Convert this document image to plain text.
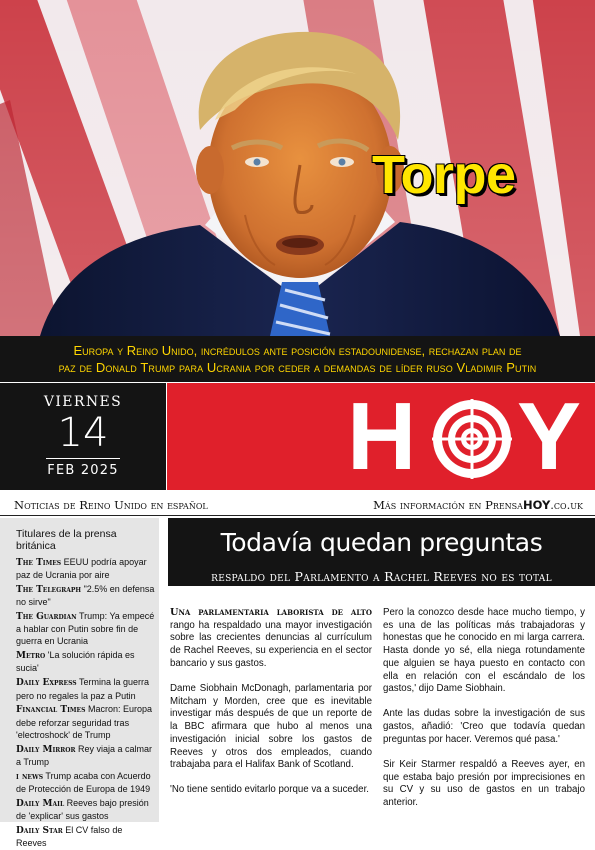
Torpe
Europa y Reino Unido, incrédulos ante posición estadounidense, rechazan plan de
paz de Donald Trump para Ucrania por ceder a demandas de líder ruso Vladimir Putin
VIERNES
14
FEB 2025	H Y
Noticias de Reino Unido en español	Más información en PrensaHOY.co.uk
Titulares de la prensa británica
The Times EEUU podría apoyar paz de Ucrania por aire
The Telegraph "2.5% en defensa no sirve"
The Guardian Trump: Ya empecé a hablar con Putin sobre fin de guerra en Ucrania
Metro 'La solución rápida es sucia'
Daily Express Termina la guerra pero no regales la paz a Putin
Financial Times Macron: Europa debe reforzar seguridad tras 'electroshock' de Trump
Daily Mirror Rey viaja a calmar a Trump
i news Trump acaba con Acuerdo de Protección de Europa de 1949
Daily Mail Reeves bajo presión de 'explicar' sus gastos
Daily Star El CV falso de Reeves
Todavía quedan preguntas
respaldo del Parlamento a Rachel Reeves no es total

Una parlamentaria laborista de alto rango ha respaldado una mayor investigación sobre las crecientes denuncias al currículum de Rachel Reeves, su experiencia en el sector bancario y sus gastos.

Dame Siobhain McDonagh, parlamentaria por Mitcham y Morden, cree que es inevitable investigar más después de que un reporte de la BBC afirmara que hubo al menos una investigación inicial sobre los gastos de Reeves y otros dos empleados, cuando trabajaba para el Halifax Bank of Scotland.

'No tiene sentido evitarlo porque va a suceder.

Pero la conozco desde hace mucho tiempo, y es una de las políticas más trabajadoras y honestas que he conocido en mi larga carrera. Hasta donde yo sé, ella niega rotundamente que alguien se haya puesto en contacto con ella en relación con el escándalo de los gastos,' dijo Dame Siobhain.

Ante las dudas sobre la investigación de sus gastos, añadió: 'Creo que todavía quedan preguntas por hacer. Veremos qué pasa.'

Sir Keir Starmer respaldó a Reeves ayer, en que estaba bajo presión por imprecisiones en su CV y su uso de gastos en un trabajo anterior.
